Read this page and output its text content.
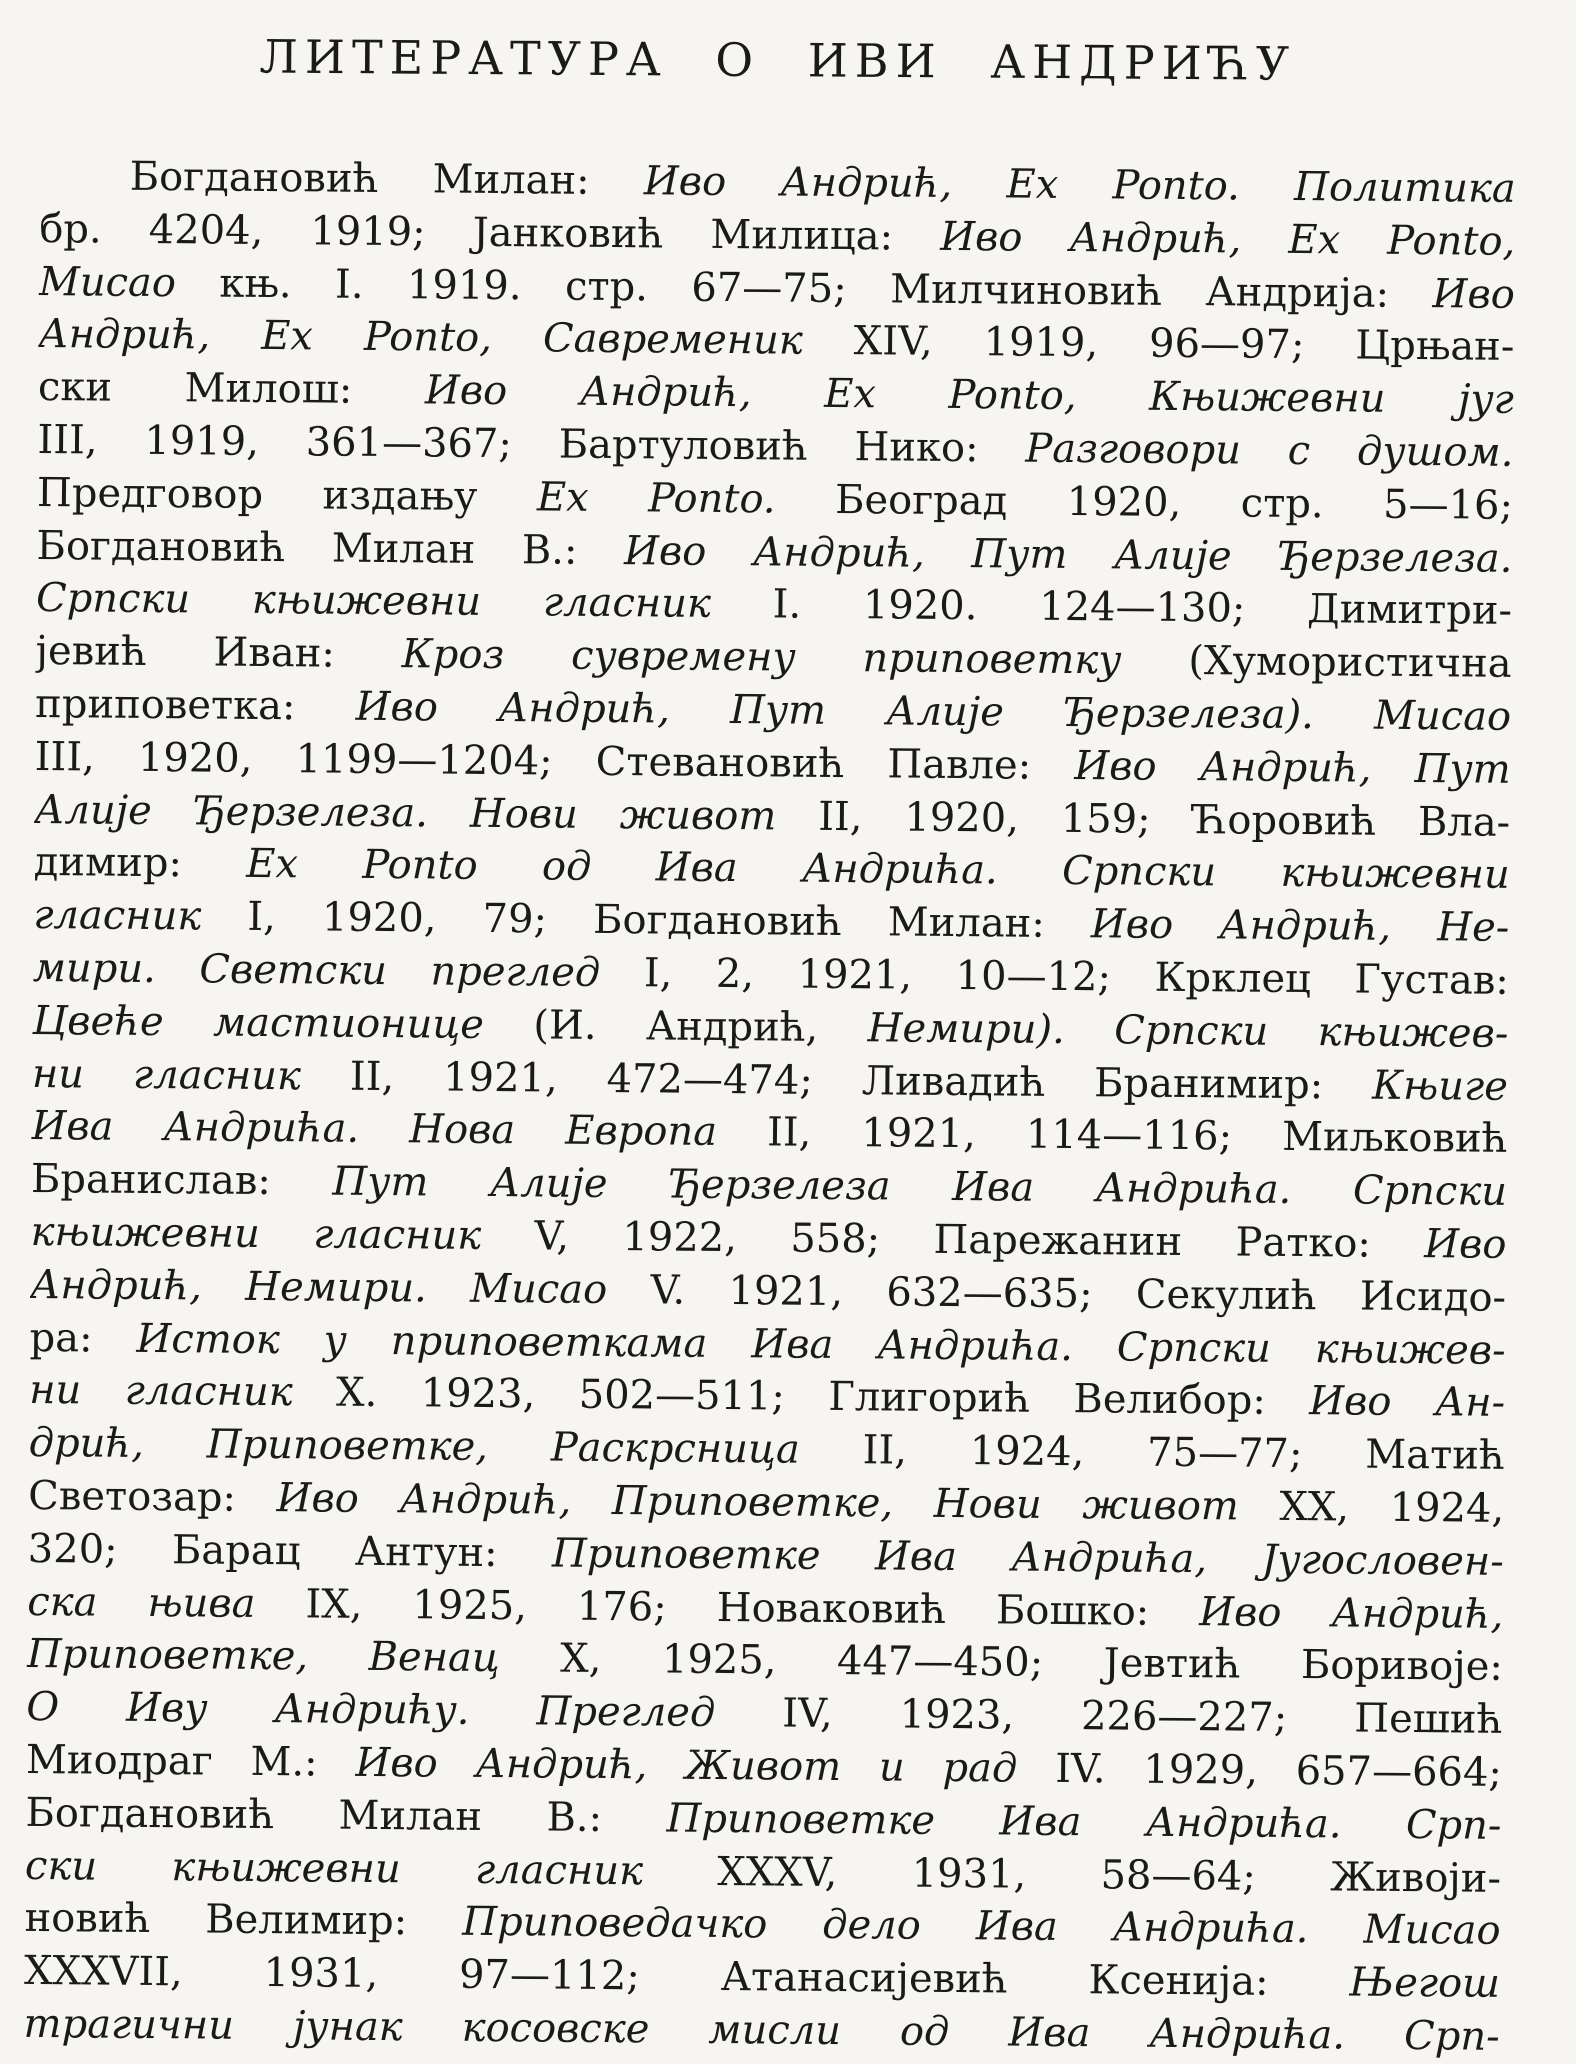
ЛИТЕРАТУРА О ИВИ АНДРИЋУ
Богдановић Милан: Иво Андрић, Ex Ponto. Политика
бр. 4204, 1919; Јанковић Милица: Иво Андрић, Ex Ponto,
Мисао књ. I. 1919. стр. 67—75; Милчиновић Андрија: Иво
Андрић, Ex Ponto, Савременик XIV, 1919, 96—97; Црњан-
ски Милош: Иво Андрић, Ex Ponto, Књижевни југ
III, 1919, 361—367; Бартуловић Нико: Разговори с душом.
Предговор издању Ex Ponto. Београд 1920, стр. 5—16;
Богдановић Милан В.: Иво Андрић, Пут Алије Ђерзелеза.
Српски књижевни гласник I. 1920. 124—130; Димитри-
јевић Иван: Кроз сувремену приповетку (Хумористична
приповетка: Иво Андрић, Пут Алије Ђерзелеза). Мисао
III, 1920, 1199—1204; Стевановић Павле: Иво Андрић, Пут
Алије Ђерзелеза. Нови живот II, 1920, 159; Ћоровић Вла-
димир: Ex Ponto од Ива Андрића. Српски књижевни
гласник I, 1920, 79; Богдановић Милан: Иво Андрић, Не-
мири. Светски преглед I, 2, 1921, 10—12; Крклец Густав:
Цвеће мастионице (И. Андрић, Немири). Српски књижев-
ни гласник II, 1921, 472—474; Ливадић Бранимир: Књиге
Ива Андрића. Нова Европа II, 1921, 114—116; Миљковић
Бранислав: Пут Алије Ђерзелеза Ива Андрића. Српски
књижевни гласник V, 1922, 558; Парежанин Ратко: Иво
Андрић, Немири. Мисао V. 1921, 632—635; Секулић Исидо-
ра: Исток у приповеткама Ива Андрића. Српски књижев-
ни гласник X. 1923, 502—511; Глигорић Велибор: Иво Ан-
дрић, Приповетке, Раскрсница II, 1924, 75—77; Матић
Светозар: Иво Андрић, Приповетке, Нови живот XX, 1924,
320; Барац Антун: Приповетке Ива Андрића, Југословен-
ска њива IX, 1925, 176; Новаковић Бошко: Иво Андрић,
Приповетке, Венац X, 1925, 447—450; Јевтић Боривоје:
О Иву Андрићу. Преглед IV, 1923, 226—227; Пешић
Миодраг М.: Иво Андрић, Живот и рад IV. 1929, 657—664;
Богдановић Милан В.: Приповетке Ива Андрића. Срп-
ски књижевни гласник XXXV, 1931, 58—64; Живоји-
новић Велимир: Приповедачко дело Ива Андрића. Мисао
XXXVII, 1931, 97—112; Атанасијевић Ксенија: Његош
трагични јунак косовске мисли од Ива Андрића. Срп-
